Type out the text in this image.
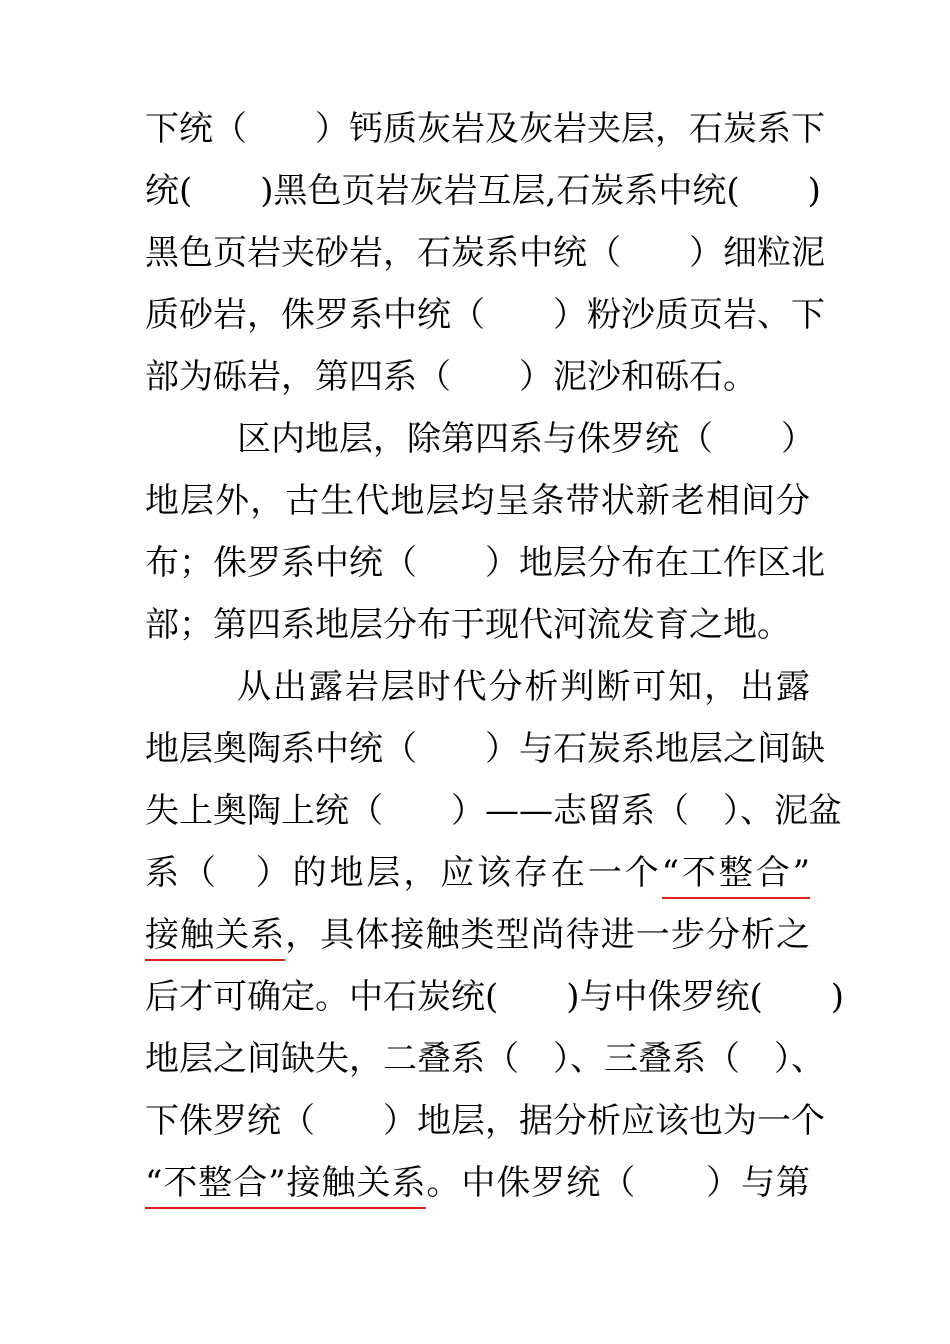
下统（　　）钙质灰岩及灰岩夹层，石炭系下
统(　　)黑色页岩灰岩互层,石炭系中统(　　)
黑色页岩夹砂岩，石炭系中统（　　）细粒泥
质砂岩，侏罗系中统（　　）粉沙质页岩、下
部为砾岩，第四系（　　）泥沙和砾石。
区内地层，除第四系与侏罗统（　　）
地层外，古生代地层均呈条带状新老相间分
布；侏罗系中统（　　）地层分布在工作区北
部；第四系地层分布于现代河流发育之地。
从出露岩层时代分析判断可知，出露
地层奥陶系中统（　　）与石炭系地层之间缺
失上奥陶上统（　　）——志留系（　）、泥盆
系（　）的地层，应该存在一个“不整合”
接触关系，具体接触类型尚待进一步分析之
后才可确定。中石炭统(　　)与中侏罗统(　　)
地层之间缺失，二叠系（　）、三叠系（　）、
下侏罗统（　　）地层，据分析应该也为一个
“不整合”接触关系。中侏罗统（　　）与第
